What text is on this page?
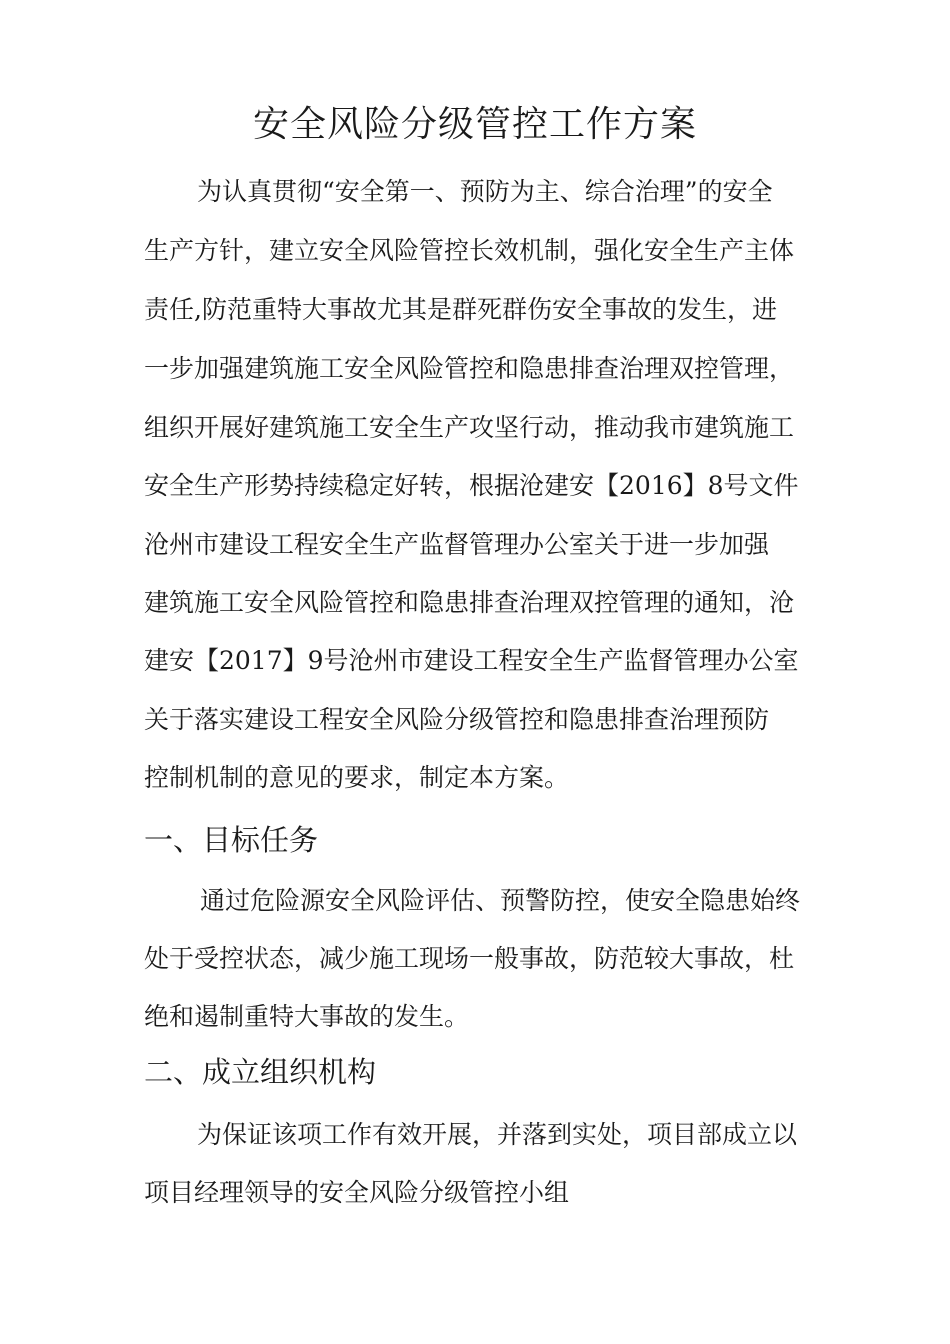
安全风险分级管控工作方案
为认真贯彻“安全第一、预防为主、综合治理”的安全
生产方针，建立安全风险管控长效机制，强化安全生产主体
责任,防范重特大事故尤其是群死群伤安全事故的发生，进
一步加强建筑施工安全风险管控和隐患排查治理双控管理，
组织开展好建筑施工安全生产攻坚行动，推动我市建筑施工
安全生产形势持续稳定好转，根据沧建安【2016】8号文件
沧州市建设工程安全生产监督管理办公室关于进一步加强
建筑施工安全风险管控和隐患排查治理双控管理的通知，沧
建安【2017】9号沧州市建设工程安全生产监督管理办公室
关于落实建设工程安全风险分级管控和隐患排查治理预防
控制机制的意见的要求，制定本方案。
一、目标任务
通过危险源安全风险评估、预警防控，使安全隐患始终
处于受控状态，减少施工现场一般事故，防范较大事故，杜
绝和遏制重特大事故的发生。
二、成立组织机构
为保证该项工作有效开展，并落到实处，项目部成立以
项目经理领导的安全风险分级管控小组
